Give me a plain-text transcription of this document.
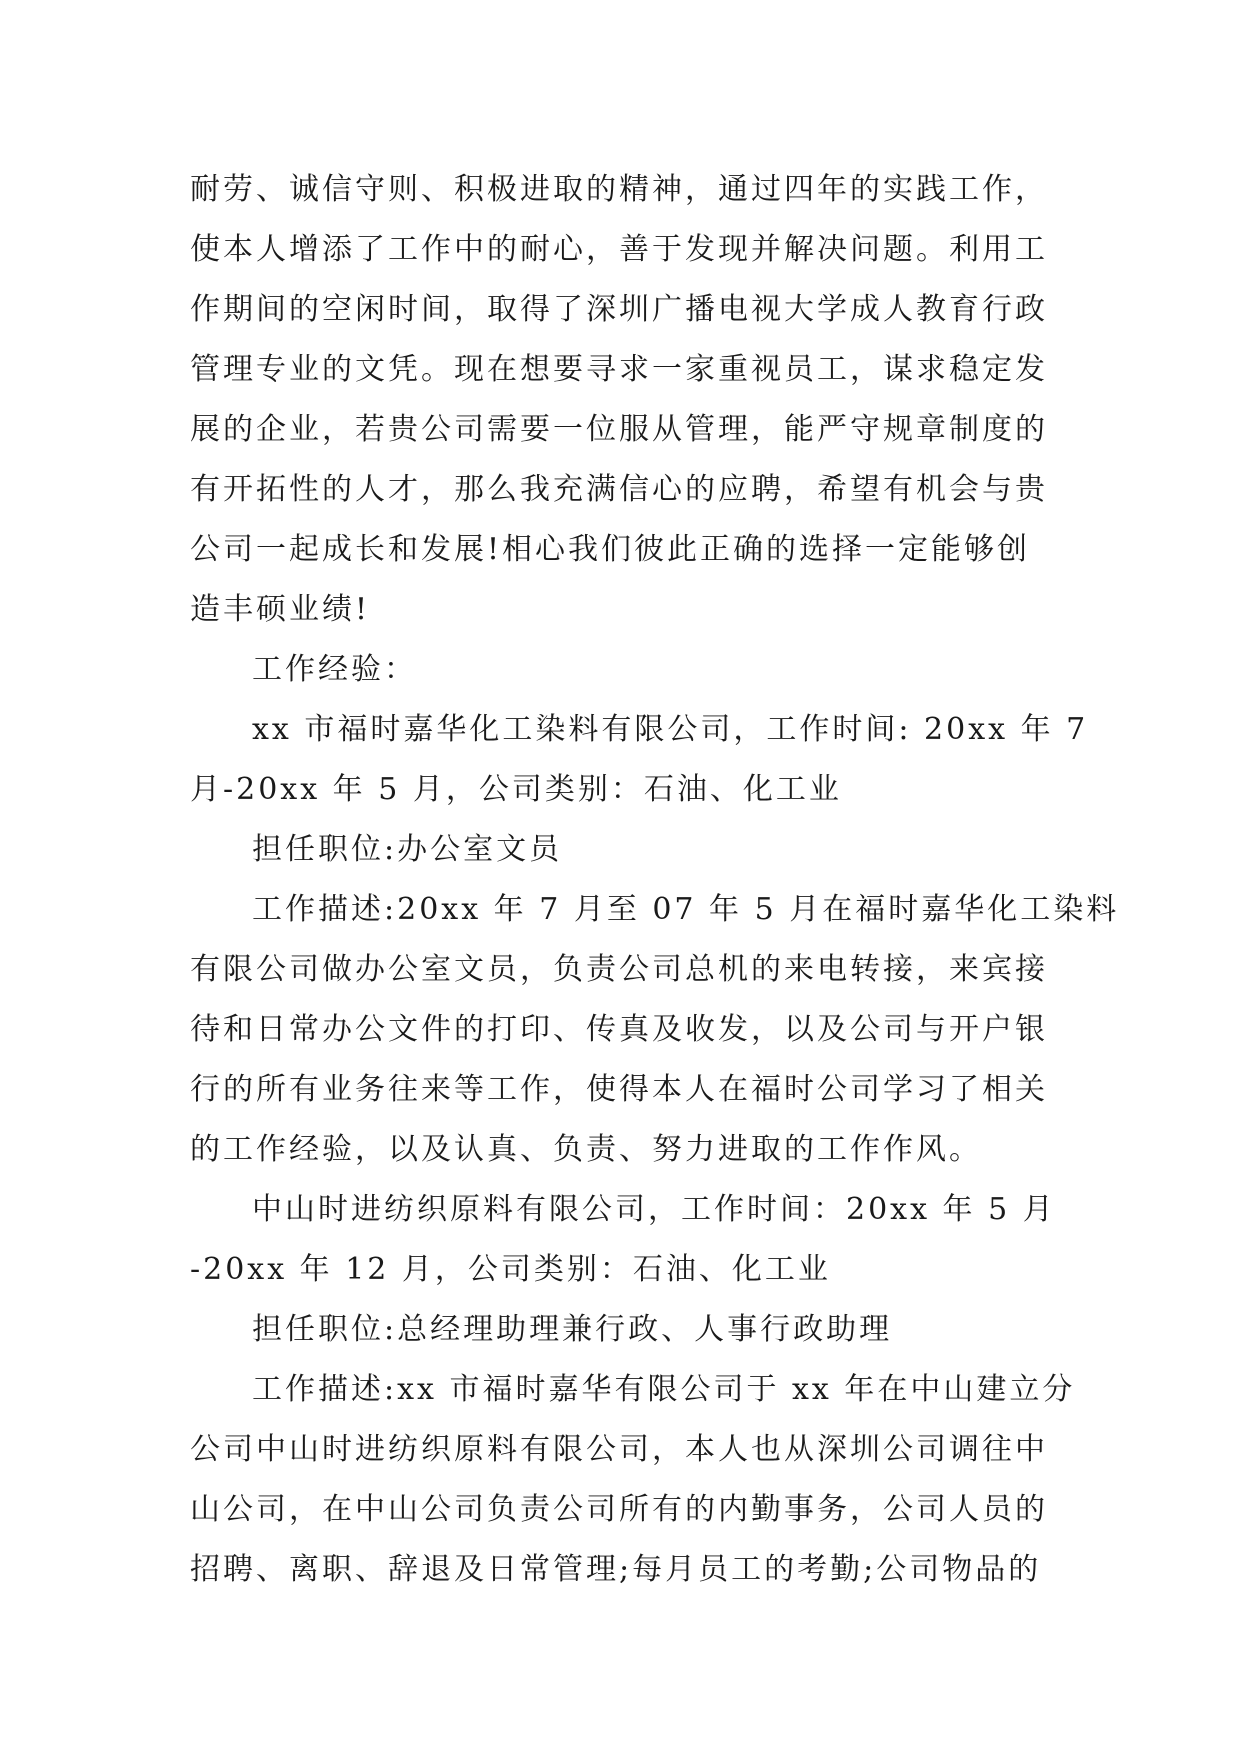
耐劳、诚信守则、积极进取的精神，通过四年的实践工作，
使本人增添了工作中的耐心，善于发现并解决问题。利用工
作期间的空闲时间，取得了深圳广播电视大学成人教育行政
管理专业的文凭。现在想要寻求一家重视员工，谋求稳定发
展的企业，若贵公司需要一位服从管理，能严守规章制度的
有开拓性的人才，那么我充满信心的应聘，希望有机会与贵
公司一起成长和发展!相心我们彼此正确的选择一定能够创
造丰硕业绩!
工作经验：
xx 市福时嘉华化工染料有限公司，工作时间: 20xx 年 7
月-20xx 年 5 月，公司类别：石油、化工业
担任职位:办公室文员
工作描述:20xx 年 7 月至 07 年 5 月在福时嘉华化工染料
有限公司做办公室文员，负责公司总机的来电转接，来宾接
待和日常办公文件的打印、传真及收发，以及公司与开户银
行的所有业务往来等工作，使得本人在福时公司学习了相关
的工作经验，以及认真、负责、努力进取的工作作风。
中山时进纺织原料有限公司，工作时间：20xx 年 5 月
-20xx 年 12 月，公司类别：石油、化工业
担任职位:总经理助理兼行政、人事行政助理
工作描述:xx 市福时嘉华有限公司于 xx 年在中山建立分
公司中山时进纺织原料有限公司，本人也从深圳公司调往中
山公司，在中山公司负责公司所有的内勤事务，公司人员的
招聘、离职、辞退及日常管理;每月员工的考勤;公司物品的
